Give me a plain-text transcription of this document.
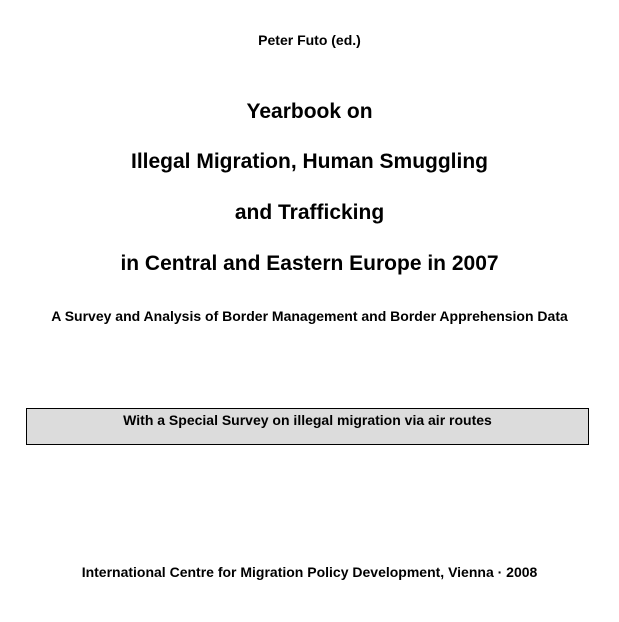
Peter Futo (ed.)
Yearbook on
Illegal Migration, Human Smuggling
and Trafficking
in Central and Eastern Europe in 2007
A Survey and Analysis of Border Management and Border Apprehension Data
With a Special Survey on illegal migration via air routes
International Centre for Migration Policy Development, Vienna · 2008
